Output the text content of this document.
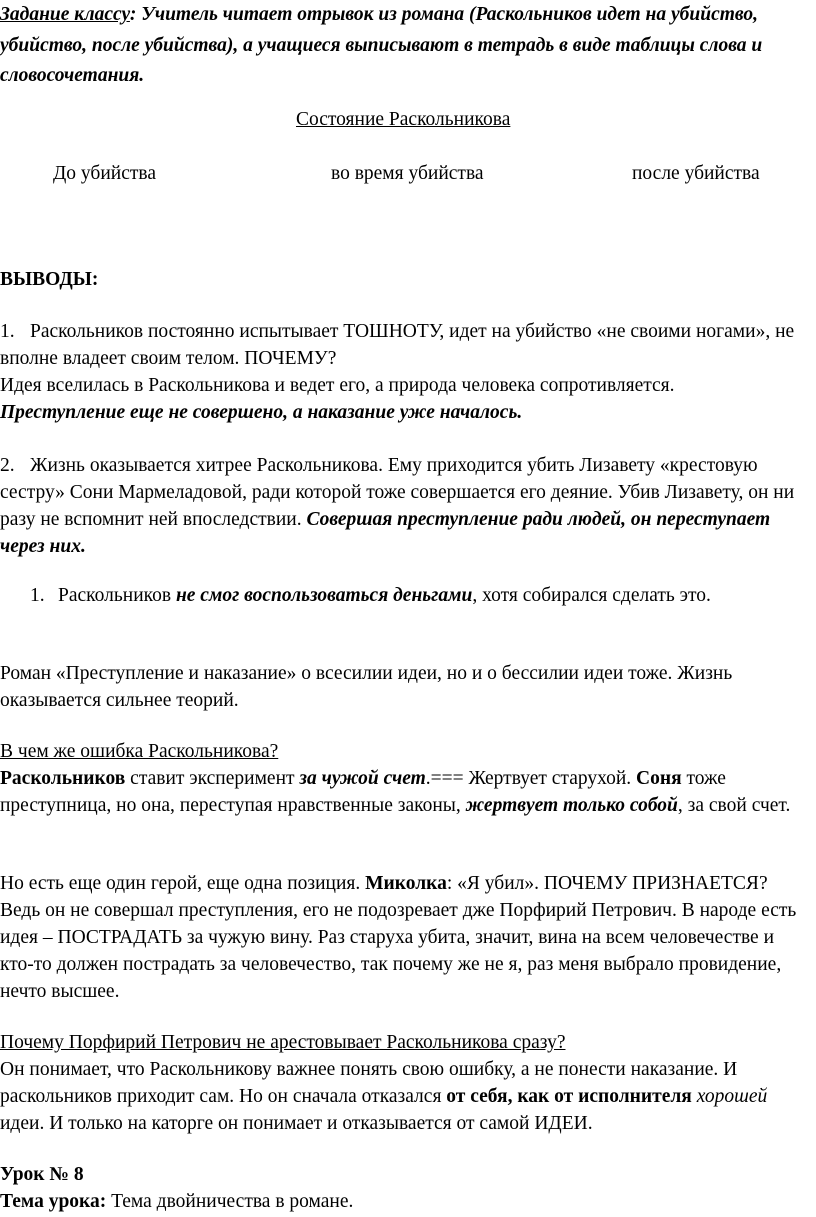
Задание классу: Учитель читает отрывок из романа (Раскольников идет на убийство, убийство, после убийства), а учащиеся выписывают в тетрадь в виде таблицы слова и словосочетания.

Состояние Раскольникова

До убийства	во время убийства	после убийства

ВЫВОДЫ:

1. Раскольников постоянно испытывает ТОШНОТУ, идет на убийство «не своими ногами», не вполне владеет своим телом. ПОЧЕМУ?

Идея вселилась в Раскольникова и ведет его, а природа человека сопротивляется.

Преступление еще не совершено, а наказание уже началось.

2. Жизнь оказывается хитрее Раскольникова. Ему приходится убить Лизавету «крестовую сестру» Сони Мармеладовой, ради которой тоже совершается его деяние. Убив Лизавету, он ни разу не вспомнит ней впоследствии. Совершая преступление ради людей, он переступает через них.

1. Раскольников не смог воспользоваться деньгами, хотя собирался сделать это.

Роман «Преступление и наказание» о всесилии идеи, но и о бессилии идеи тоже. Жизнь оказывается сильнее теорий.

В чем же ошибка Раскольникова?

Раскольников ставит эксперимент за чужой счет.=== Жертвует старухой. Соня тоже преступница, но она, переступая нравственные законы, жертвует только собой, за свой счет.

Но есть еще один герой, еще одна позиция. Миколка: «Я убил». ПОЧЕМУ ПРИЗНАЕТСЯ? Ведь он не совершал преступления, его не подозревает дже Порфирий Петрович. В народе есть идея – ПОСТРАДАТЬ за чужую вину. Раз старуха убита, значит, вина на всем человечестве и кто-то должен пострадать за человечество, так почему же не я, раз меня выбрало провидение, нечто высшее.

Почему Порфирий Петрович не арестовывает Раскольникова сразу?

Он понимает, что Раскольникову важнее понять свою ошибку, а не понести наказание. И раскольников приходит сам. Но он сначала отказался от себя, как от исполнителя хорошей идеи. И только на каторге он понимает и отказывается от самой ИДЕИ.

Урок № 8

Тема урока: Тема двойничества в романе.
